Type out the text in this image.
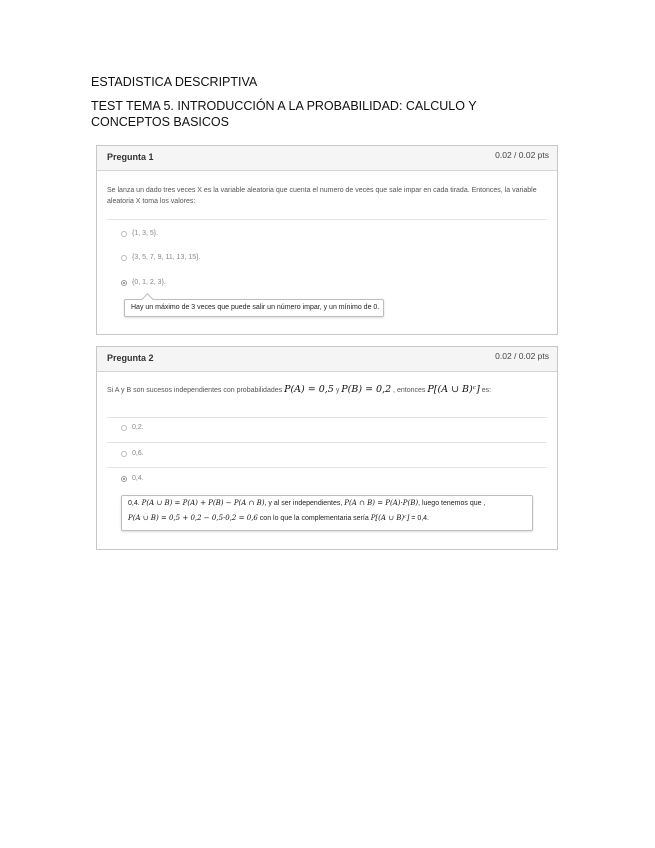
ESTADISTICA DESCRIPTIVA
TEST TEMA 5. INTRODUCCIÓN A LA PROBABILIDAD: CALCULO Y CONCEPTOS BASICOS
Pregunta 1	0.02 / 0.02 pts
Se lanza un dado tres veces X es la variable aleatoria que cuenta el numero de veces que sale impar en cada tirada. Entonces, la variable aleatoria X toma los valores:
{1, 3, 5}.
{3, 5, 7, 9, 11, 13, 15}.
{0, 1, 2, 3}.
Hay un máximo de 3 veces que puede salir un número impar, y un mínimo de 0.
Pregunta 2	0.02 / 0.02 pts
Si A y B son sucesos independientes con probabilidades P(A) = 0,5 y P(B) = 0,2 , entonces P[(A ∪ B)ᶜ] es:
0,2.
0,6.
0,4.
0,4. P(A ∪ B) = P(A) + P(B) − P(A ∩ B), y al ser independientes, P(A ∩ B) = P(A)·P(B), luego tenemos que ,
P(A ∪ B) = 0,5 + 0,2 − 0,5·0,2 = 0,6 con lo que la complementaria sería P[(A ∪ B)ᶜ] = 0,4.
